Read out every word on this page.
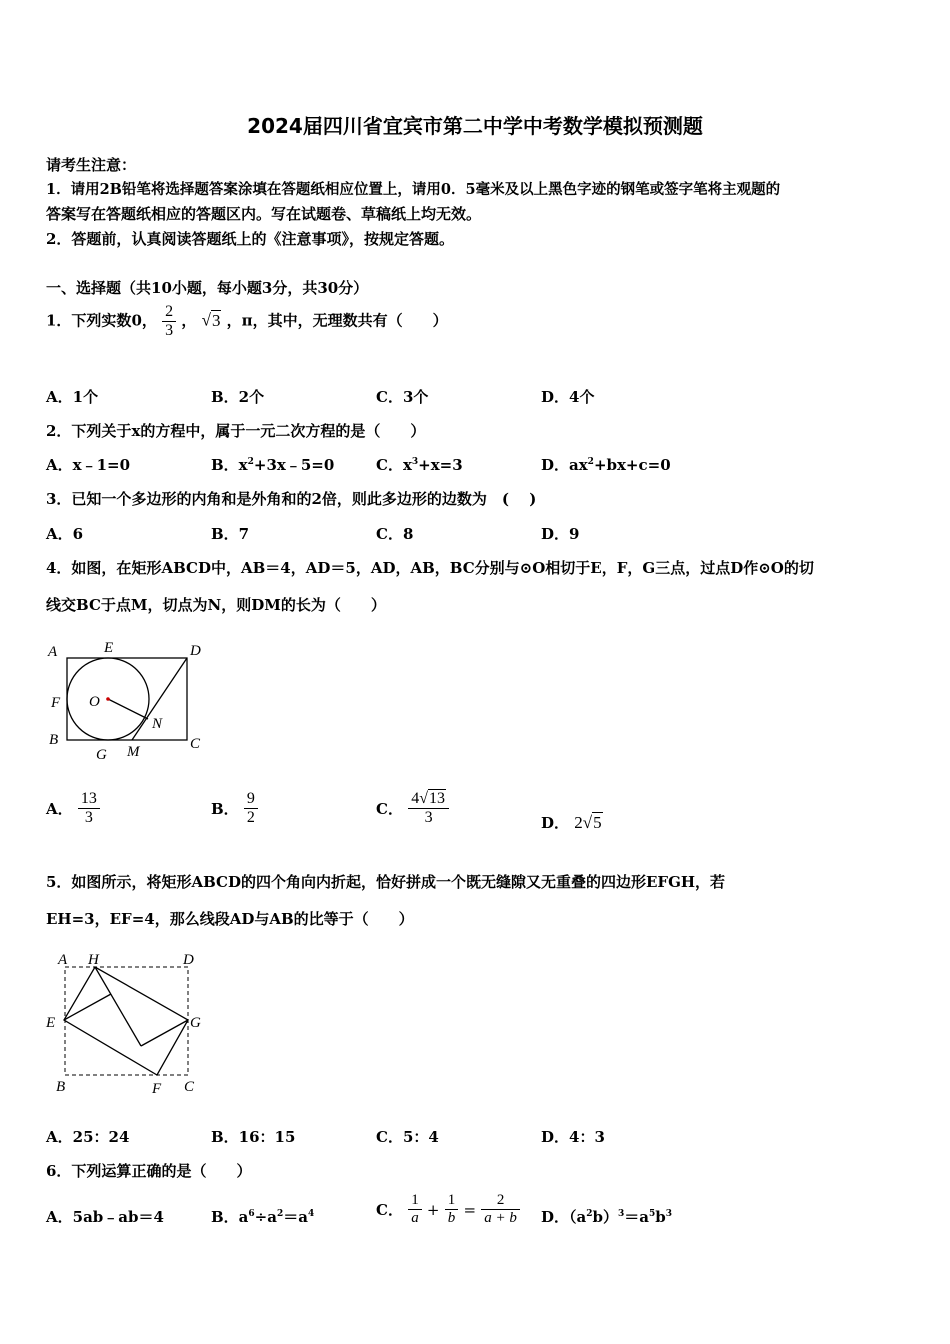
2024届四川省宜宾市第二中学中考数学模拟预测题
请考生注意：
1．请用2B铅笔将选择题答案涂填在答题纸相应位置上，请用0．5毫米及以上黑色字迹的钢笔或签字笔将主观题的
答案写在答题纸相应的答题区内。写在试题卷、草稿纸上均无效。
2．答题前，认真阅读答题纸上的《注意事项》，按规定答题。
一、选择题（共10小题，每小题3分，共30分）
1．下列实数0， $\frac{2}{3}$ ， √3 ，π，其中，无理数共有（　　）
A．1个	B．2个	C．3个	D．4个
2．下列关于x的方程中，属于一元二次方程的是（　　）
A．x﹣1=0	B．$x^2+3x﹣5=0$	C．$x^3+x=3$	D．$ax^2+bx+c=0$
3．已知一个多边形的内角和是外角和的2倍，则此多边形的边数为　( 　)
A．6	B．7	C．8	D．9
4．如图，在矩形ABCD中，AB＝4，AD＝5，AD，AB，BC分别与⊙O相切于E，F，G三点，过点D作⊙O的切
线交BC于点M，切点为N，则DM的长为（　　）
A	E	D
F O
N
B
G M	C
A． $\frac{13}{3}$	B． $\frac{9}{2}$	C． $\frac{4√13}{3}$	D． 2√5
5．如图所示，将矩形ABCD的四个角向内折起，恰好拼成一个既无缝隙又无重叠的四边形EFGH，若
EH=3，EF=4，那么线段AD与AB的比等于（　　）
A H	D
E	G
B	F C
A．25：24	B．16：15	C．5：4	D．4：3
6．下列运算正确的是（　　）
A．5ab﹣ab＝4	B．$a^6\div a^2=a^4$	C． $\frac{1}{a} + \frac{1}{b} = \frac{2}{a + b}$ D．$(a^2b)^3=a^5b^3$
